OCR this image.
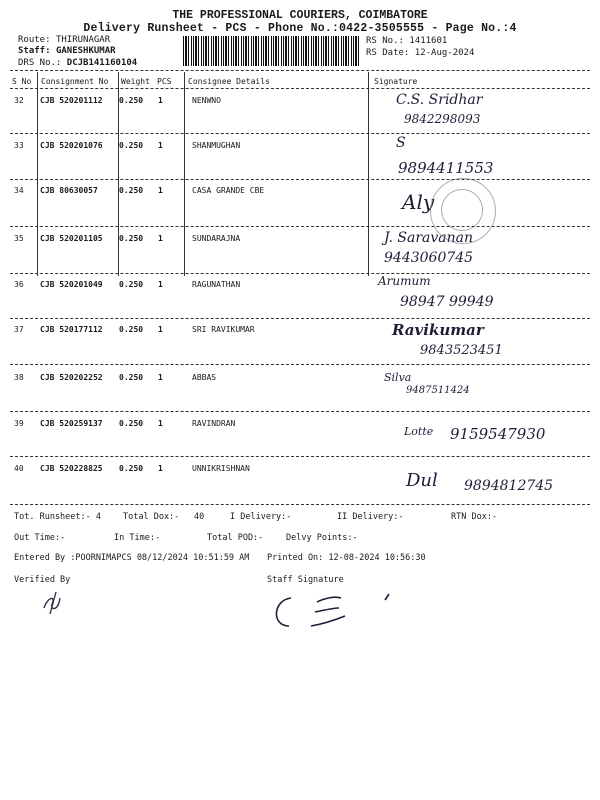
THE PROFESSIONAL COURIERS, COIMBATORE
Delivery Runsheet - PCS - Phone No.:0422-3505555 - Page No.:4
Route: THIRUNAGAR
Staff: GANESHKUMAR
DRS No.: DCJB141160104
RS No.: 1411601
RS Date: 12-Aug-2024
S No Consignment No Weight PCS Consignee Details	Signature
32 CJB 520201112 0.250 1	NENWNO	C.S. Sridhar
9842298093
33 CJB 520201076 0.250 1	SHANMUGHAN	S
9894411553
34 CJB 80630057	0.250 1	CASA GRANDE CBE	Aly
35 CJB 520201105 0.250 1	SUNDARAJNA	J. Saravanan
9443060745
36 CJB 520201049 0.250 1	RAGUNATHAN	Arumum
98947 99949
37 CJB 520177112 0.250 1	SRI RAVIKUMAR	Ravikumar
9843523451
38 CJB 520202252 0.250 1	ABBAS	Silva
9487511424
39 CJB 520259137 0.250 1	RAVINDRAN
Lotte 9159547930
40 CJB 520228825 0.250 1	UNNIKRISHNAN
Dul 9894812745
Tot. Runsheet:- 4	Total Dox:- 40	I Delivery:-	II Delivery:-	RTN Dox:-
Out Time:-	In Time:-	Total POD:-	Delvy Points:-
Entered By :POORNIMAPCS 08/12/2024 10:51:59 AM Printed On: 12-08-2024 10:56:30
Verified By	Staff Signature
